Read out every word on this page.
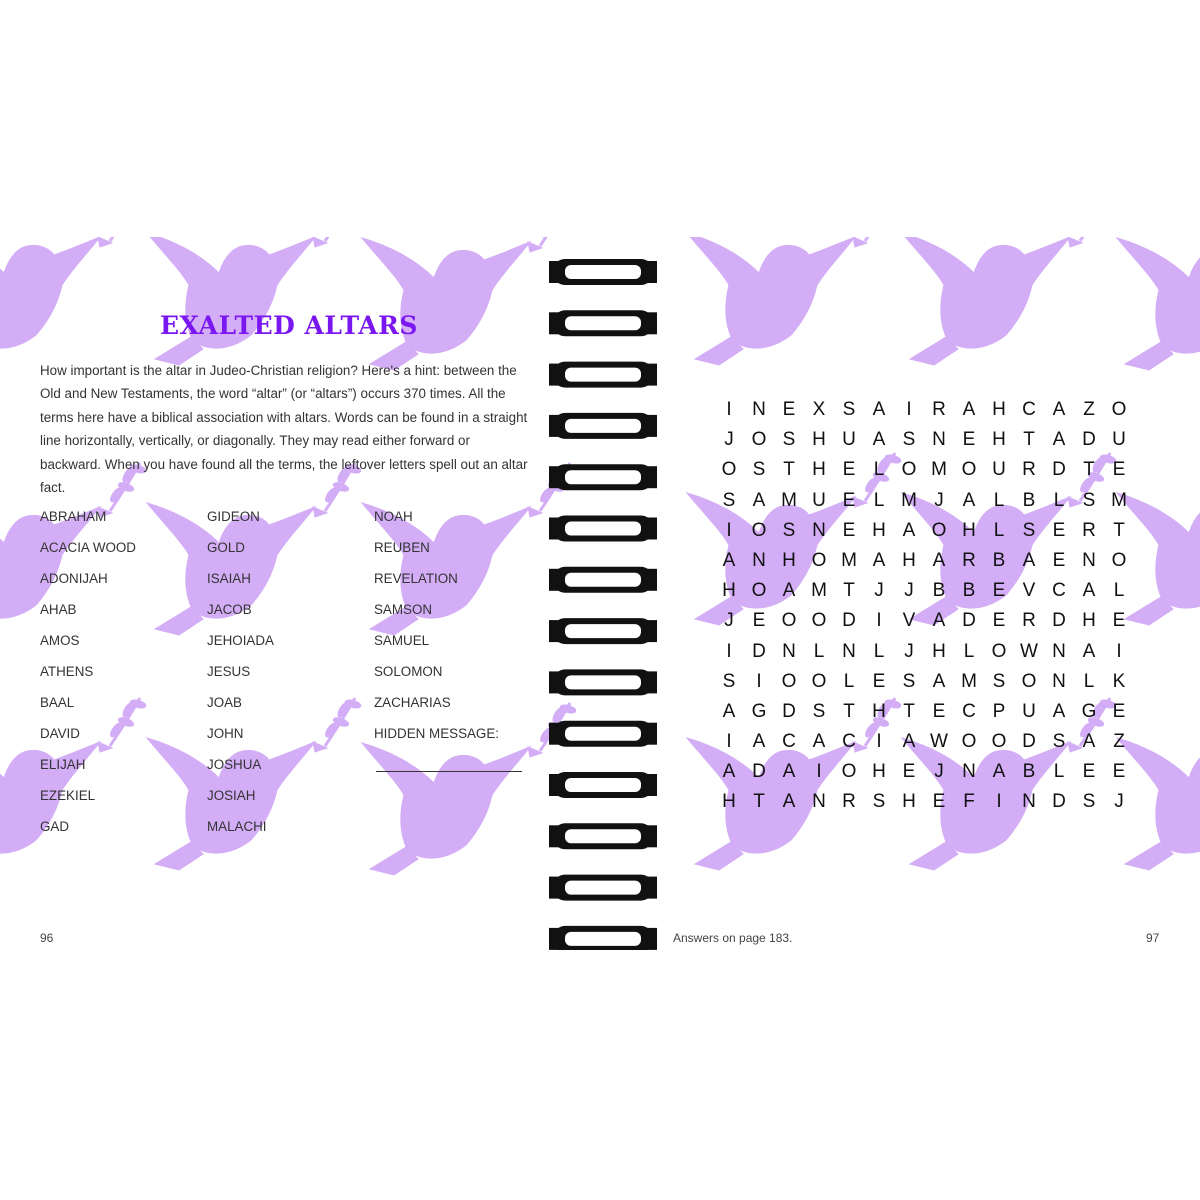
EXALTED ALTARS

How important is the altar in Judeo-Christian religion? Here's a hint: between the Old and New Testaments, the word “altar” (or “altars”) occurs 370 times. All the terms here have a biblical association with altars. Words can be found in a straight line horizontally, vertically, or diagonally. They may read either forward or backward. When you have found all the terms, the leftover letters spell out an altar fact.

ABRAHAM
ACACIA WOOD
ADONIJAH
AHAB
AMOS
ATHENS
BAAL
DAVID
ELIJAH
EZEKIEL
GAD
GIDEON
GOLD
ISAIAH
JACOB
JEHOIADA
JESUS
JOAB
JOHN
JOSHUA
JOSIAH
MALACHI
NOAH
REUBEN
REVELATION
SAMSON
SAMUEL
SOLOMON
ZACHARIAS
HIDDEN MESSAGE:
96
I	N E X S A	I	R A H C A Z O
J O S H U A S N E H T A D U
O S T H E L O M O U R D T E
S A M U E L M J A L B L S M
I	O S N E H A O H L S E R T
A N H O M A H A R B A E N O
H O A M T	J	J B B E V C A L
J E O O D	I	V A D E R D H E
I	D N L N L	J H L O W N A	I
S	I	O O L E S A M S O N L K
A G D S T H T E C P U A G E
I	A C A C	I	A W O O D S A Z
A D A	I	O H E J N A B L E E
H T A N R S H E F	I	N D S J
Answers on page 183.	97
